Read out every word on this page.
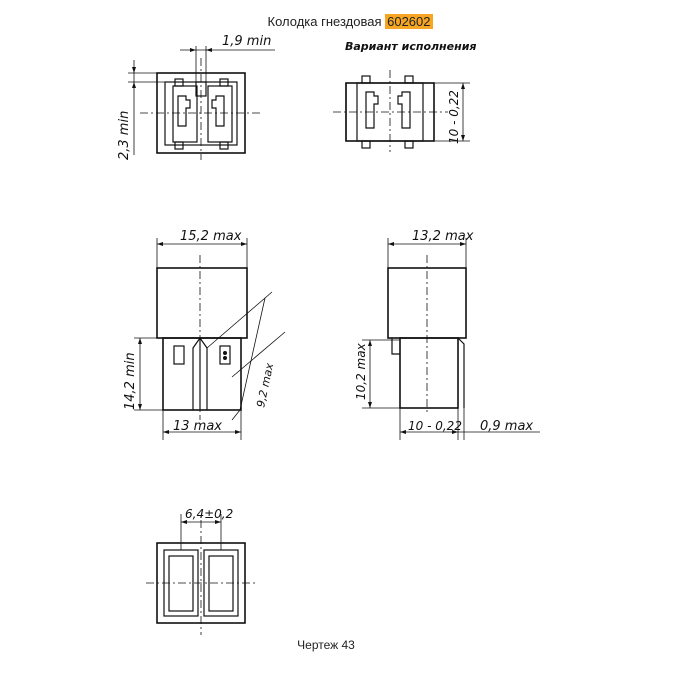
Колодка гнездовая 602602
1,9 min	Вариант исполнения
2,3 min	10 - 0,22
15,2 max	13,2 max
14,2 min	9,2 max
13 max
10,2 max
10 - 0,22 0,9 max
6,4±0,2
Чертеж 43
